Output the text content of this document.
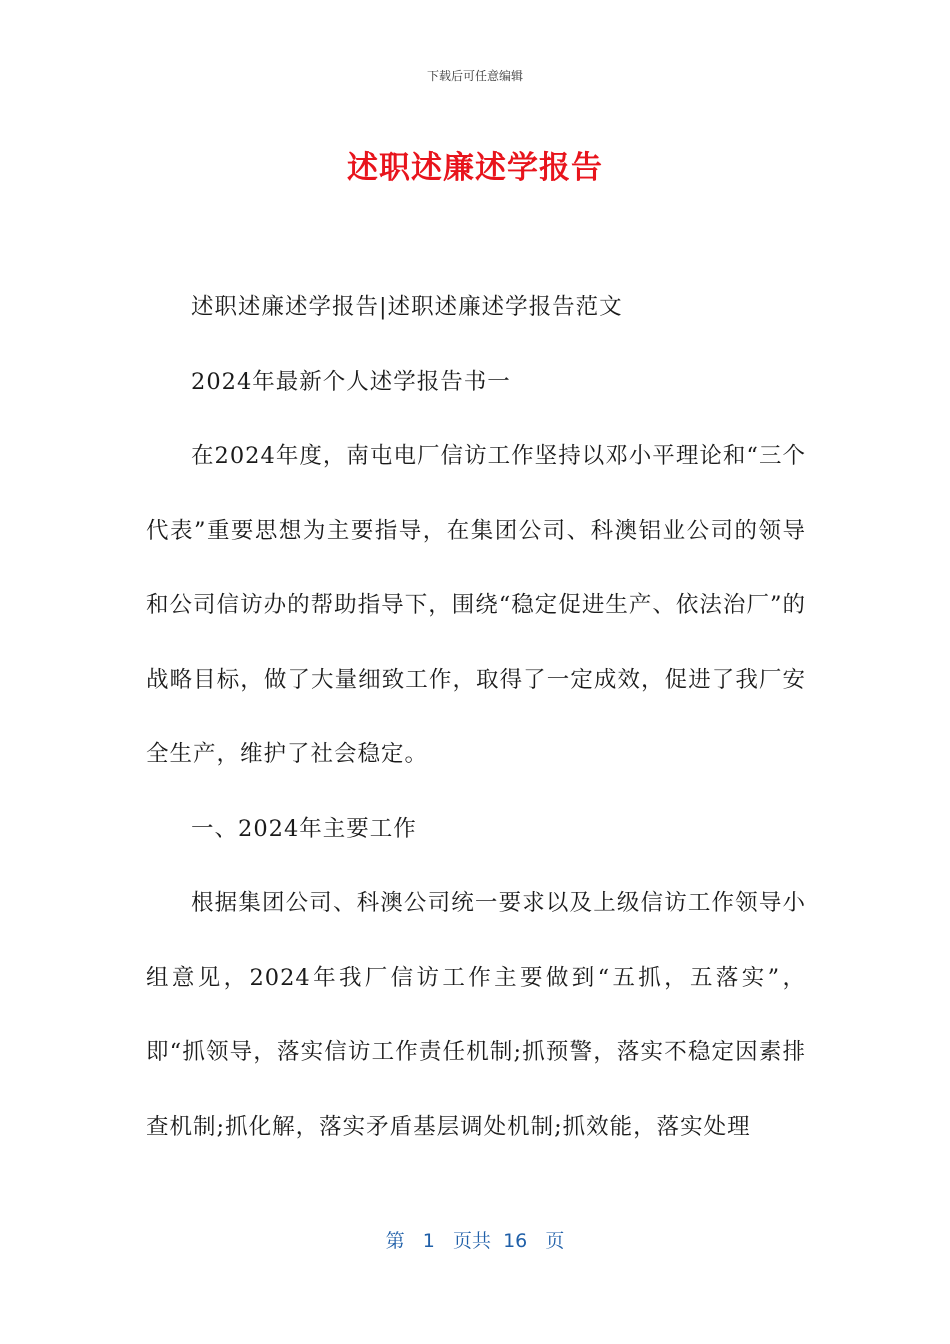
下载后可任意编辑
述职述廉述学报告

述职述廉述学报告|述职述廉述学报告范文

2024年最新个人述学报告书一

在2024年度，南屯电厂信访工作坚持以邓小平理论和“三个代表”重要思想为主要指导，在集团公司、科澳铝业公司的领导和公司信访办的帮助指导下，围绕“稳定促进生产、依法治厂”的战略目标，做了大量细致工作，取得了一定成效，促进了我厂安全生产，维护了社会稳定。

一、2024年主要工作

根据集团公司、科澳公司统一要求以及上级信访工作领导小组意见，2024年我厂信访工作主要做到“五抓，五落实”，即“抓领导，落实信访工作责任机制;抓预警，落实不稳定因素排查机制;抓化解，落实矛盾基层调处机制;抓效能，落实处理

第 1 页共 16 页
